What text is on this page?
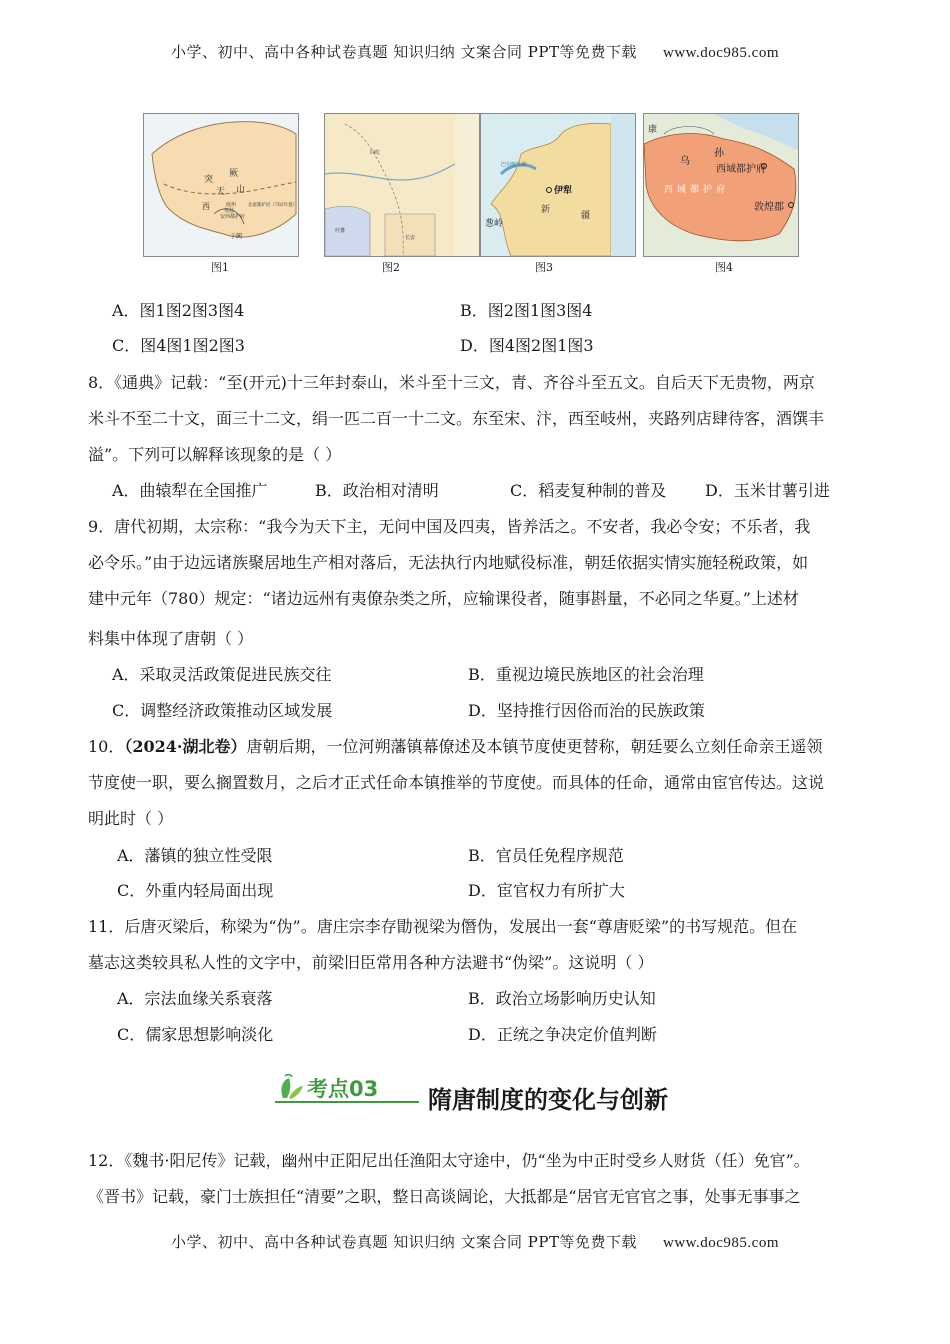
小学、初中、高中各种试卷真题 知识归纳 文案合同 PPT等免费下载 www.doc985.com
西
突
厥
天 山
庭州	北庭都护府（702年置）
安西都护府
龟兹
于阗
回纥
吐蕃
长安
巴尔喀什湖
伊犁
新
疆
葱岭
康
乌
孙
西域都护府
西域都护府
敦煌郡
图1	图2	图3	图4
A．图1图2图3图4	B．图2图1图3图4
C．图4图1图2图3	D．图4图2图1图3
8．《通典》记载：“至(开元)十三年封泰山，米斗至十三文，青、齐谷斗至五文。自后天下无贵物，两京
米斗不至二十文，面三十二文，绢一匹二百一十二文。东至宋、汴，西至岐州，夹路列店肆待客，酒馔丰
溢”。下列可以解释该现象的是（ ）
A．曲辕犁在全国推广	B．政治相对清明	C．稻麦复种制的普及 D．玉米甘薯引进
9．唐代初期，太宗称：“我今为天下主，无问中国及四夷，皆养活之。不安者，我必令安；不乐者，我
必令乐。”由于边远诸族聚居地生产相对落后，无法执行内地赋役标准，朝廷依据实情实施轻税政策，如
建中元年（780）规定：“诸边远州有夷僚杂类之所，应输课役者，随事斟量，不必同之华夏。”上述材
料集中体现了唐朝（ ）
A．采取灵活政策促进民族交往	B．重视边境民族地区的社会治理
C．调整经济政策推动区域发展	D．坚持推行因俗而治的民族政策
10．（2024·湖北卷）唐朝后期，一位河朔藩镇幕僚述及本镇节度使更替称，朝廷要么立刻任命亲王遥领
节度使一职，要么搁置数月，之后才正式任命本镇推举的节度使。而具体的任命，通常由宦官传达。这说
明此时（ ）
A．藩镇的独立性受限	B．官员任免程序规范
C．外重内轻局面出现	D．宦官权力有所扩大
11．后唐灭梁后，称梁为“伪”。唐庄宗李存勖视梁为僭伪，发展出一套“尊唐贬梁”的书写规范。但在
墓志这类较具私人性的文字中，前梁旧臣常用各种方法避书“伪梁”。这说明（ ）
A．宗法血缘关系衰落	B．政治立场影响历史认知
C．儒家思想影响淡化	D．正统之争决定价值判断
考点03 隋唐制度的变化与创新
12．《魏书·阳尼传》记载，幽州中正阳尼出任渔阳太守途中，仍“坐为中正时受乡人财货（任）免官”。
《晋书》记载，豪门士族担任“清要”之职，整日高谈阔论，大抵都是“居官无官官之事，处事无事事之
小学、初中、高中各种试卷真题 知识归纳 文案合同 PPT等免费下载 www.doc985.com
